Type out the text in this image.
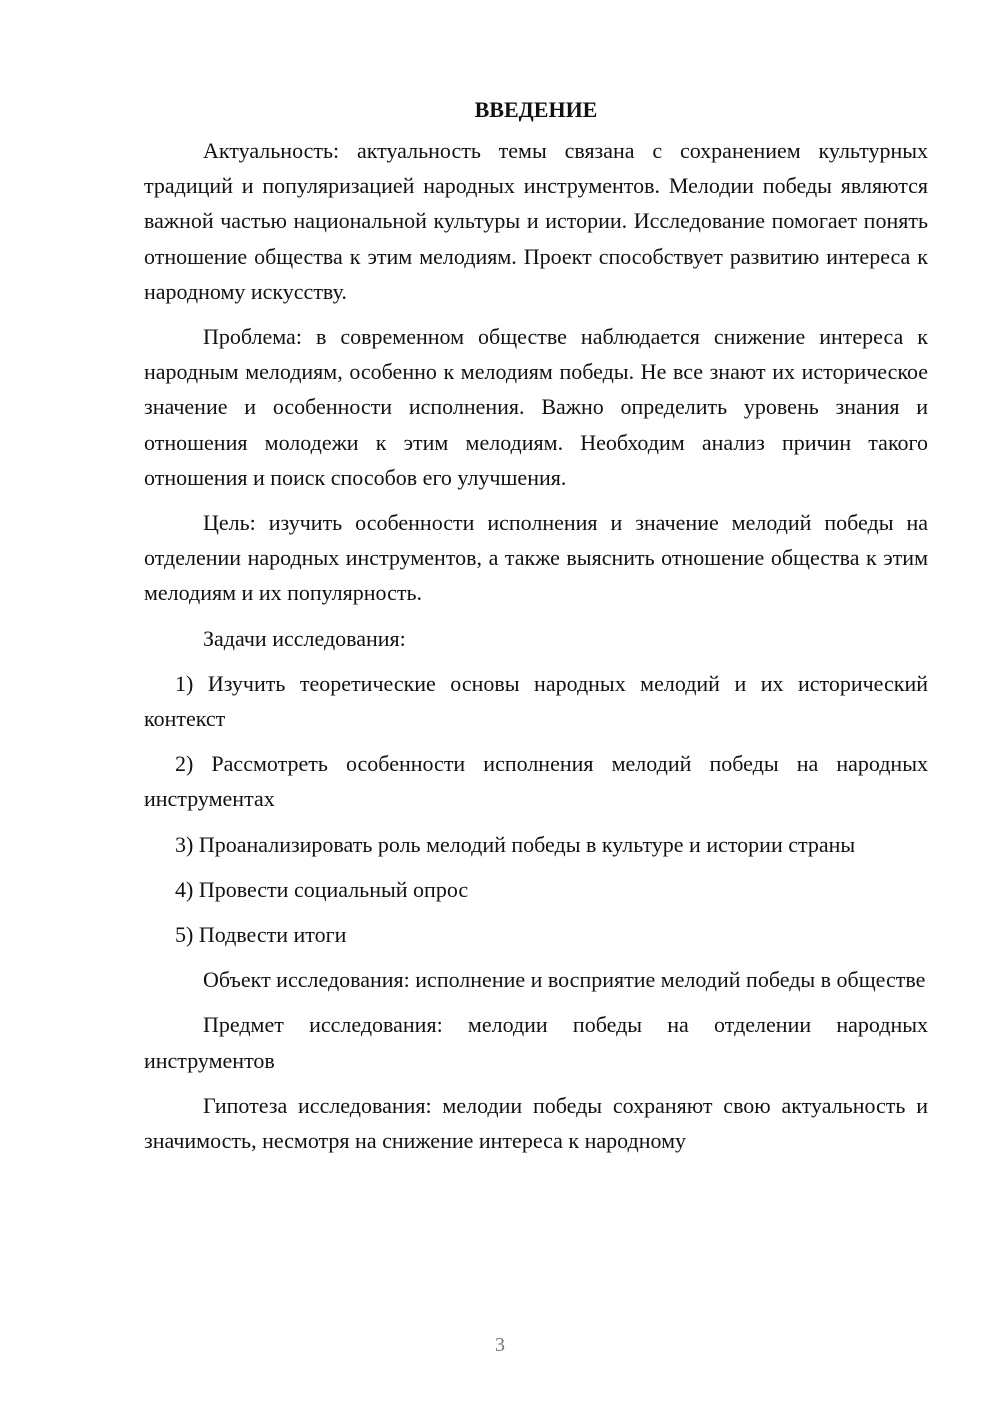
ВВЕДЕНИЕ

Актуальность: актуальность темы связана с сохранением культурных традиций и популяризацией народных инструментов. Мелодии победы являются важной частью национальной культуры и истории. Исследование помогает понять отношение общества к этим мелодиям. Проект способствует развитию интереса к народному искусству.

Проблема: в современном обществе наблюдается снижение интереса к народным мелодиям, особенно к мелодиям победы. Не все знают их историческое значение и особенности исполнения. Важно определить уровень знания и отношения молодежи к этим мелодиям. Необходим анализ причин такого отношения и поиск способов его улучшения.

Цель: изучить особенности исполнения и значение мелодий победы на отделении народных инструментов, а также выяснить отношение общества к этим мелодиям и их популярность.

Задачи исследования:

1) Изучить теоретические основы народных мелодий и их исторический контекст

2) Рассмотреть особенности исполнения мелодий победы на народных инструментах

3) Проанализировать роль мелодий победы в культуре и истории страны

4) Провести социальный опрос

5) Подвести итоги

Объект исследования: исполнение и восприятие мелодий победы в обществе

Предмет исследования: мелодии победы на отделении народных инструментов

Гипотеза исследования: мелодии победы сохраняют свою актуальность и значимость, несмотря на снижение интереса к народному

3
